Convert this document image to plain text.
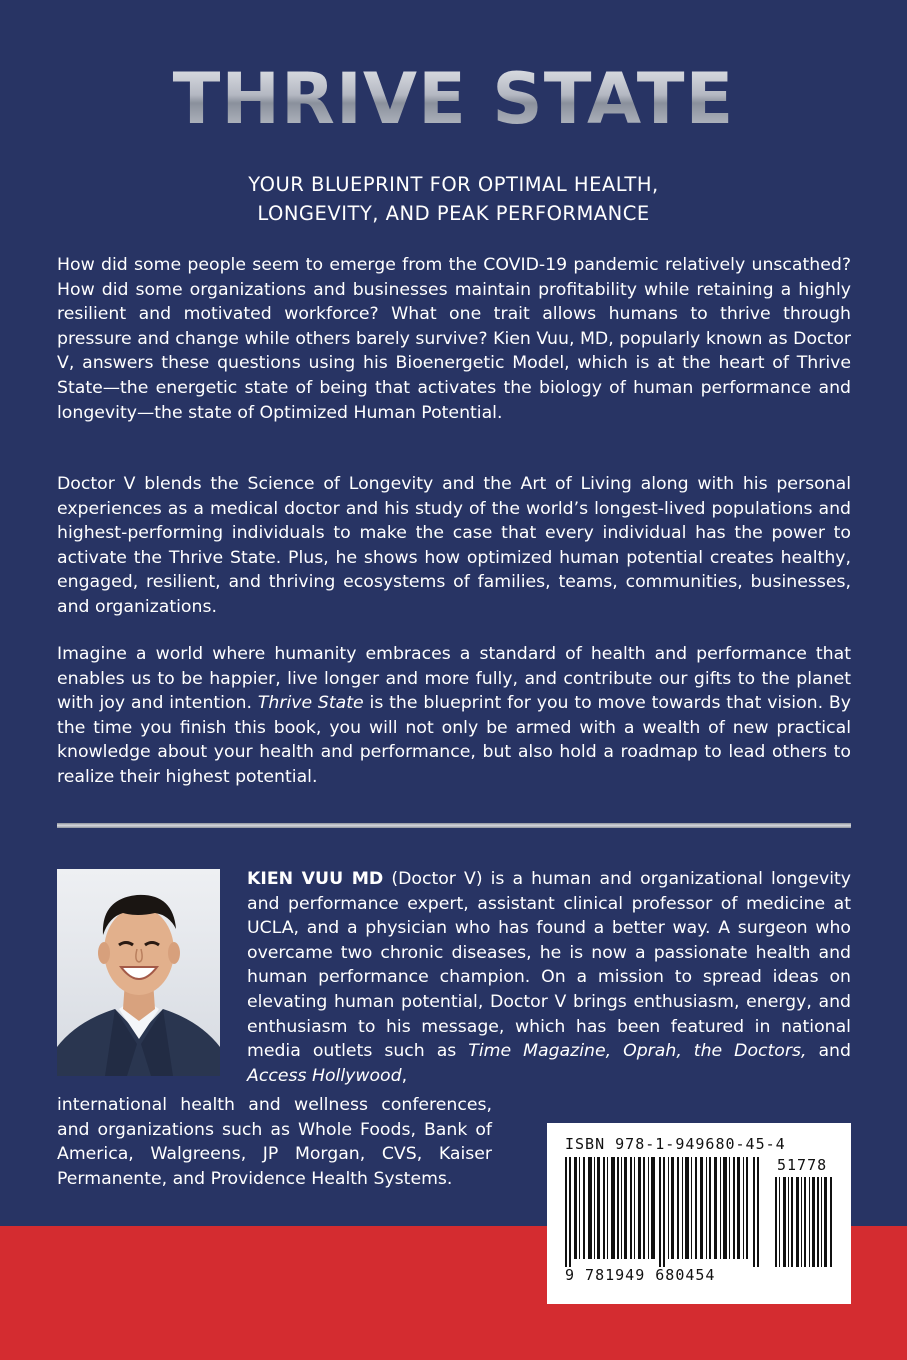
THRIVE STATE
YOUR BLUEPRINT FOR OPTIMAL HEALTH,
LONGEVITY, AND PEAK PERFORMANCE

How did some people seem to emerge from the COVID-19 pandemic relatively unscathed? How did some organizations and businesses maintain profitability while retaining a highly resilient and motivated workforce? What one trait allows humans to thrive through pressure and change while others barely survive? Kien Vuu, MD, popularly known as Doctor V, answers these questions using his Bioenergetic Model, which is at the heart of Thrive State—the energetic state of being that activates the biology of human performance and longevity—the state of Optimized Human Potential.

Doctor V blends the Science of Longevity and the Art of Living along with his personal experiences as a medical doctor and his study of the world’s longest-lived populations and highest-performing individuals to make the case that every individual has the power to activate the Thrive State. Plus, he shows how optimized human potential creates healthy, engaged, resilient, and thriving ecosystems of families, teams, communities, businesses, and organizations.

Imagine a world where humanity embraces a standard of health and performance that enables us to be happier, live longer and more fully, and contribute our gifts to the planet with joy and intention. Thrive State is the blueprint for you to move towards that vision. By the time you finish this book, you will not only be armed with a wealth of new practical knowledge about your health and performance, but also hold a roadmap to lead others to realize their highest potential.

KIEN VUU MD (Doctor V) is a human and organizational longevity and performance expert, assistant clinical professor of medicine at UCLA, and a physician who has found a better way. A surgeon who overcame two chronic diseases, he is now a passionate health and human performance champion. On a mission to spread ideas on elevating human potential, Doctor V brings enthusiasm, energy, and enthusiasm to his message, which has been featured in national media outlets such as Time Magazine, Oprah, the Doctors, and Access Hollywood,

international health and wellness conferences, and organizations such as Whole Foods, Bank of America, Walgreens, JP Morgan, CVS, Kaiser Permanente, and Providence Health Systems.

ISBN 978-1-949680-45-4
51778
9 781949 680454
